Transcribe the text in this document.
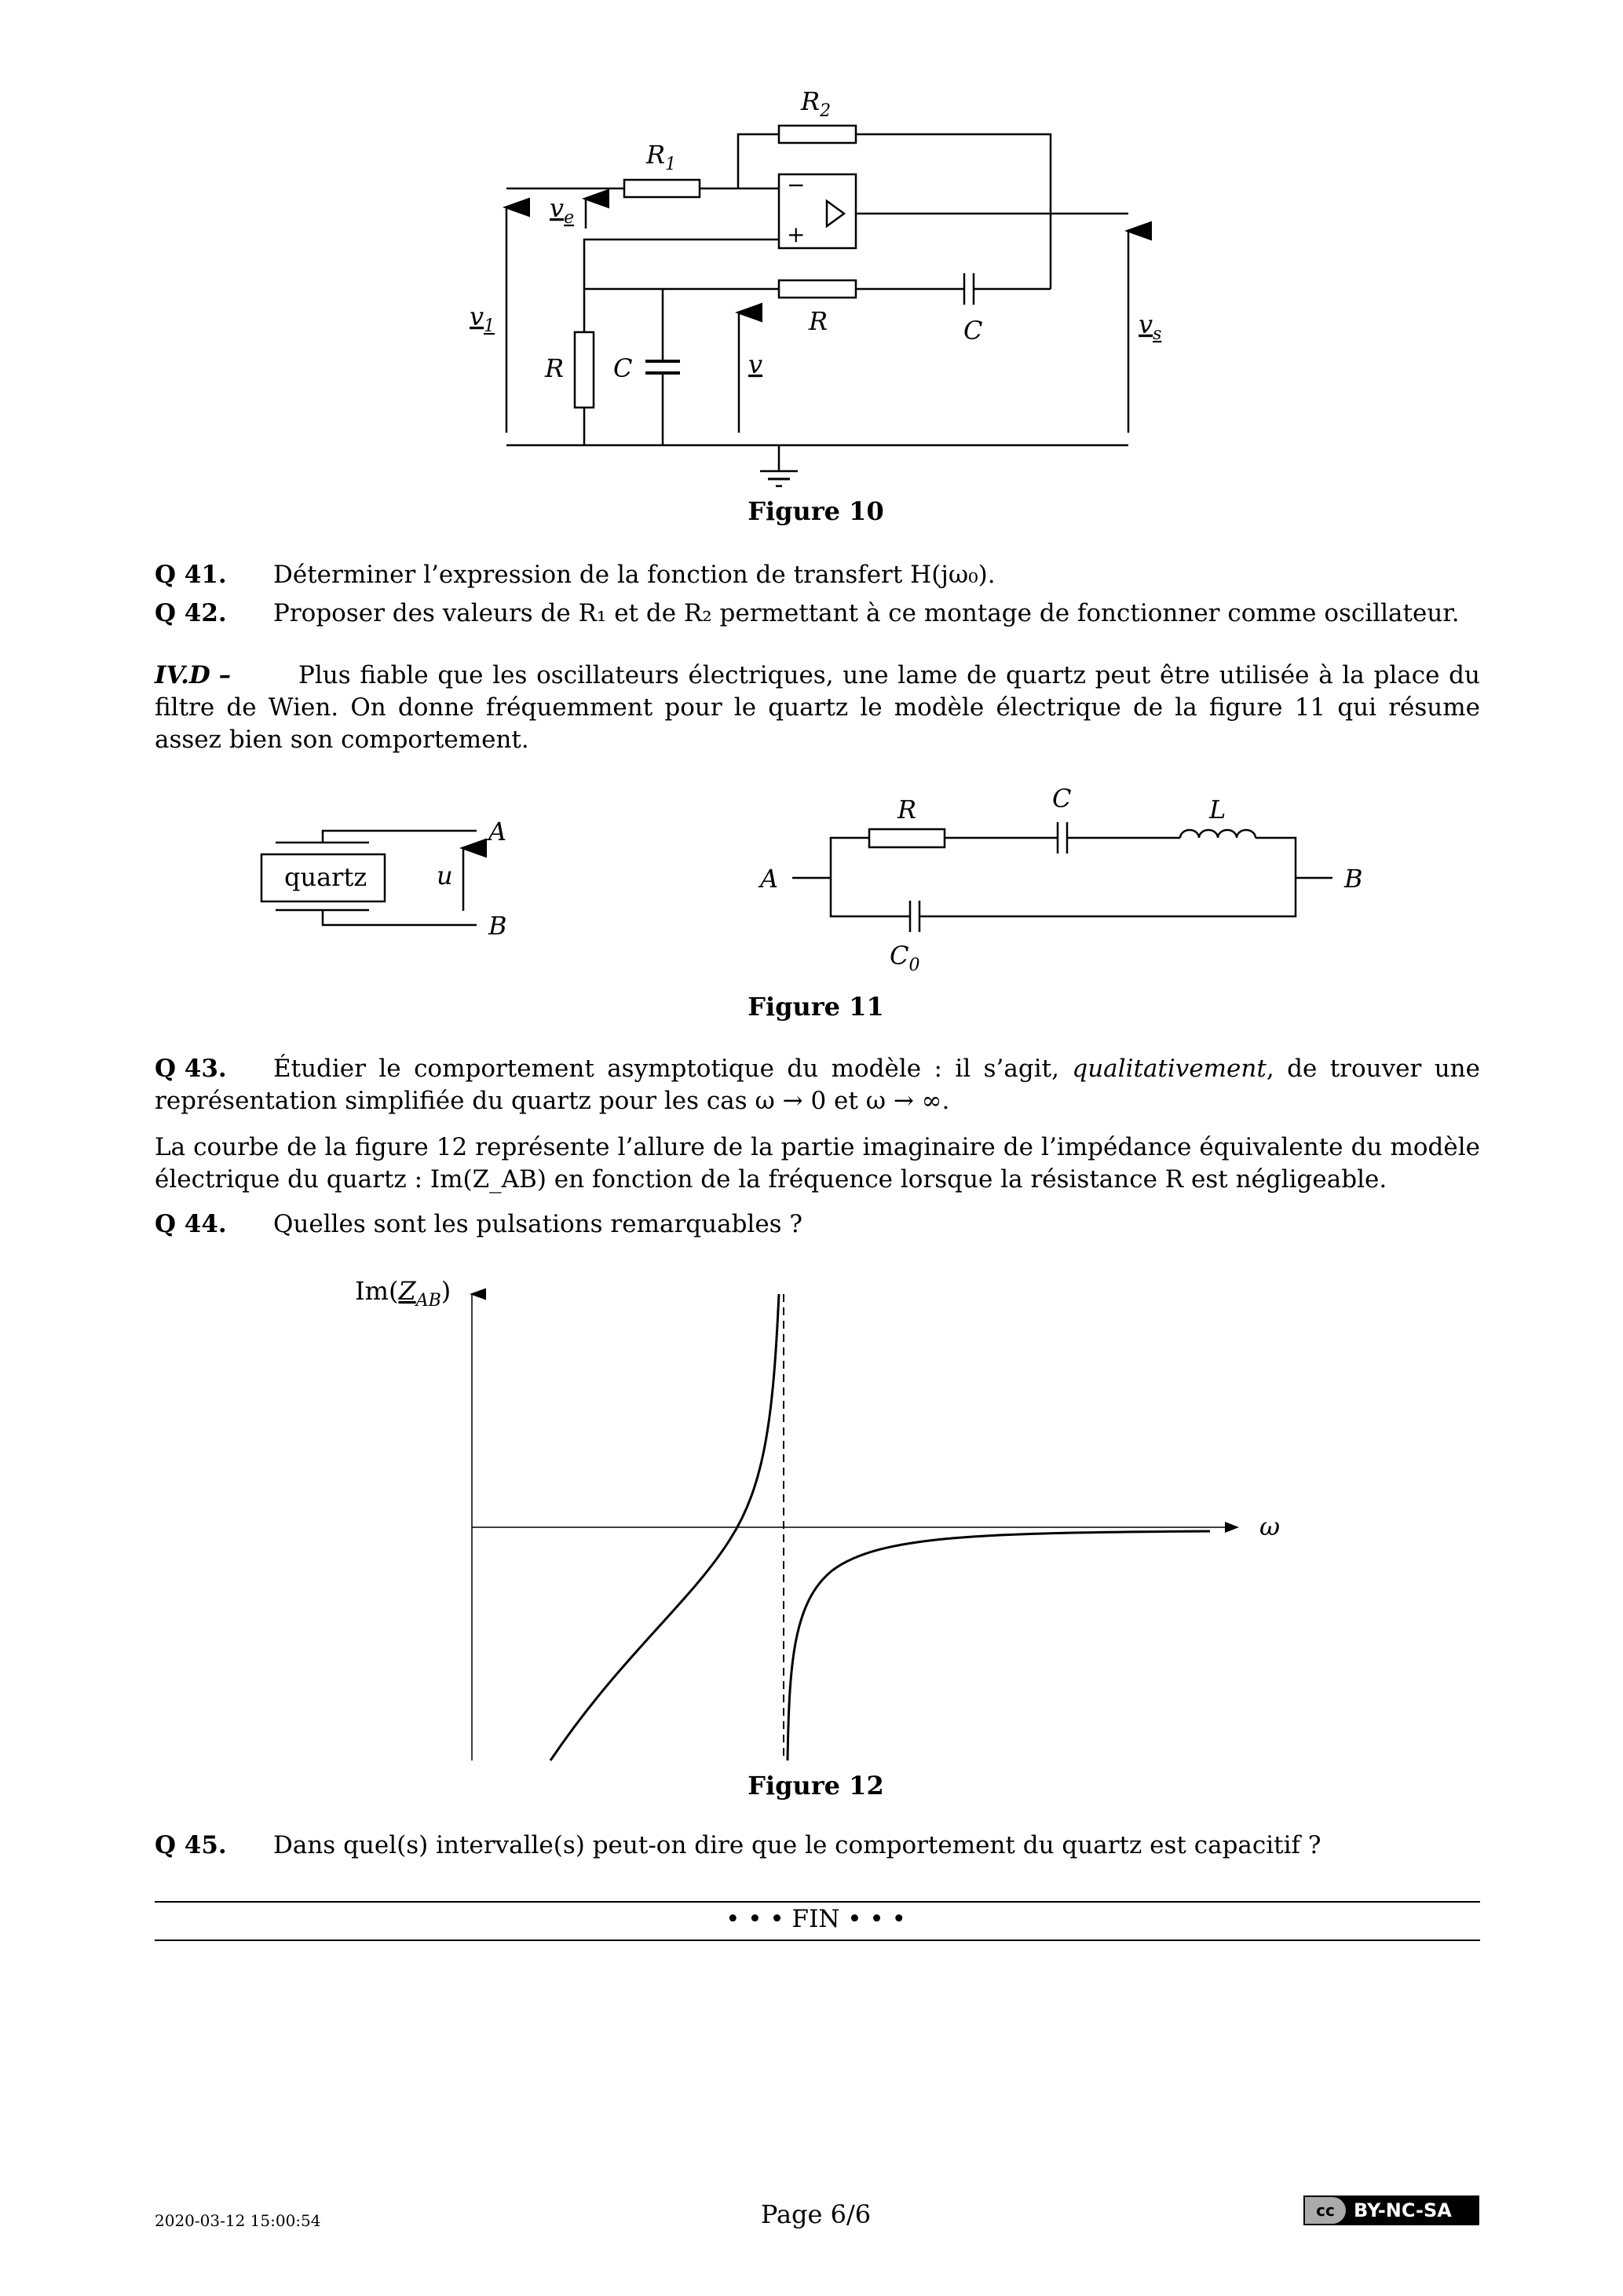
$R_2$
$R_1$
$v_e$
$v_1$	$v_s$
v
R	C
R C
−
+
Figure 10
Q 41. Déterminer l’expression de la fonction de transfert H(jω₀).
Q 42. Proposer des valeurs de R₁ et de R₂ permettant à ce montage de fonctionner comme oscillateur.
IV.D –	Plus fiable que les oscillateurs électriques, une lame de quartz peut être utilisée à la place du filtre de Wien. On donne fréquemment pour le quartz le modèle électrique de la figure 11 qui résume assez bien son comportement.
quartz	u
A
B
A	B
R	C	L
$C_0$
Figure 11
Q 43. Étudier le comportement asymptotique du modèle : il s’agit, qualitativement, de trouver une représentation simplifiée du quartz pour les cas ω → 0 et ω → ∞.
La courbe de la figure 12 représente l’allure de la partie imaginaire de l’impédance équivalente du modèle électrique du quartz : Im(Z_AB) en fonction de la fréquence lorsque la résistance R est négligeable.
Q 44. Quelles sont les pulsations remarquables ?
$Im(Z_{AB})$
ω
Figure 12
Q 45. Dans quel(s) intervalle(s) peut-on dire que le comportement du quartz est capacitif ?
• • • FIN • • •
2020-03-12 15:00:54	Page 6/6	cc	BY-NC-SA
